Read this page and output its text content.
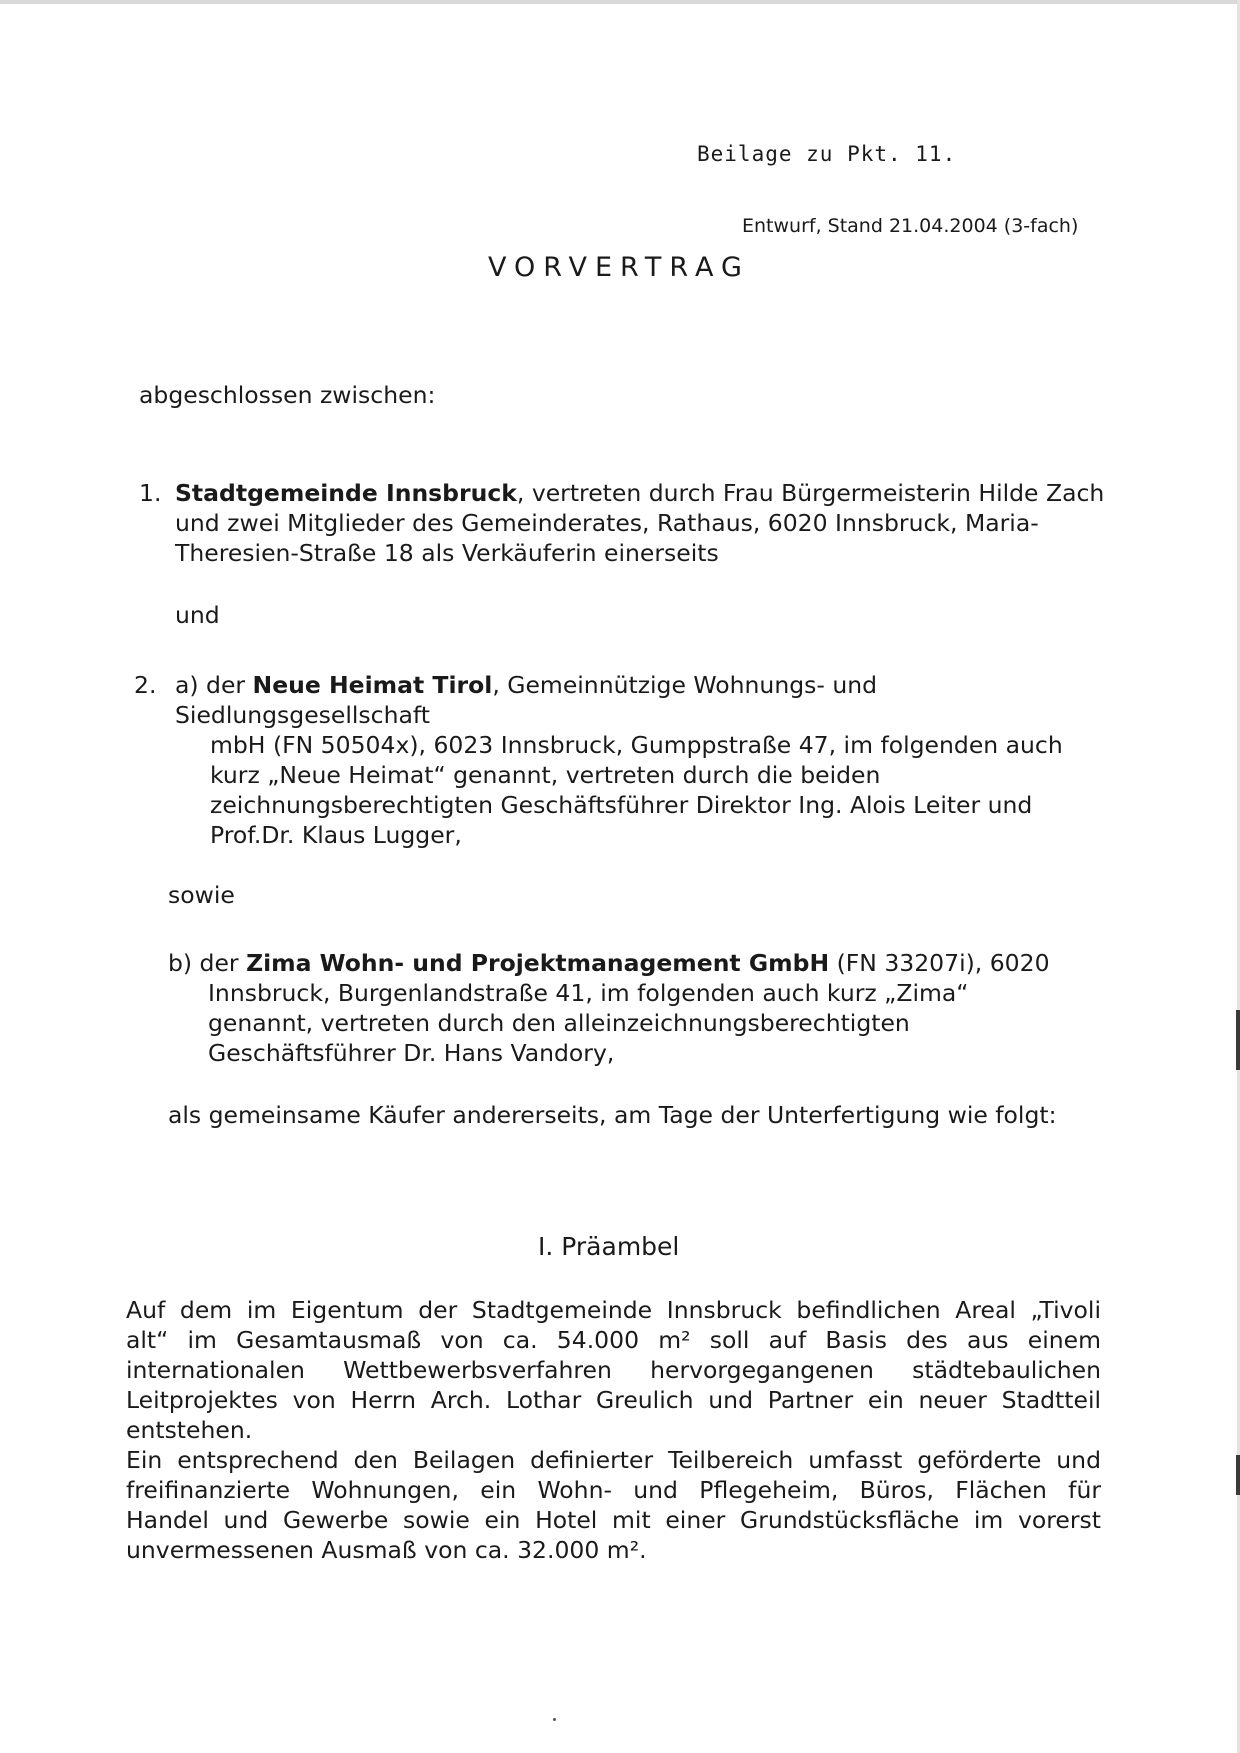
Beilage zu Pkt. 11.
Entwurf, Stand 21.04.2004 (3-fach)
VORVERTRAG
abgeschlossen zwischen:
1. Stadtgemeinde Innsbruck, vertreten durch Frau Bürgermeisterin Hilde Zach
und zwei Mitglieder des Gemeinderates, Rathaus, 6020 Innsbruck, Maria-
Theresien-Straße 18 als Verkäuferin einerseits
und
2. a) der Neue Heimat Tirol, Gemeinnützige Wohnungs- und
Siedlungsgesellschaft
mbH (FN 50504x), 6023 Innsbruck, Gumppstraße 47, im folgenden auch
kurz „Neue Heimat“ genannt, vertreten durch die beiden
zeichnungsberechtigten Geschäftsführer Direktor Ing. Alois Leiter und
Prof.Dr. Klaus Lugger,
sowie
b) der Zima Wohn- und Projektmanagement GmbH (FN 33207i), 6020
Innsbruck, Burgenlandstraße 41, im folgenden auch kurz „Zima“
genannt, vertreten durch den alleinzeichnungsberechtigten
Geschäftsführer Dr. Hans Vandory,
als gemeinsame Käufer andererseits, am Tage der Unterfertigung wie folgt:
I. Präambel
Auf dem im Eigentum der Stadtgemeinde Innsbruck befindlichen Areal „Tivoli
alt“ im Gesamtausmaß von ca. 54.000 m² soll auf Basis des aus einem
internationalen Wettbewerbsverfahren hervorgegangenen städtebaulichen
Leitprojektes von Herrn Arch. Lothar Greulich und Partner ein neuer Stadtteil
entstehen.
Ein entsprechend den Beilagen definierter Teilbereich umfasst geförderte und
freifinanzierte Wohnungen, ein Wohn- und Pflegeheim, Büros, Flächen für
Handel und Gewerbe sowie ein Hotel mit einer Grundstücksfläche im vorerst
unvermessenen Ausmaß von ca. 32.000 m².
